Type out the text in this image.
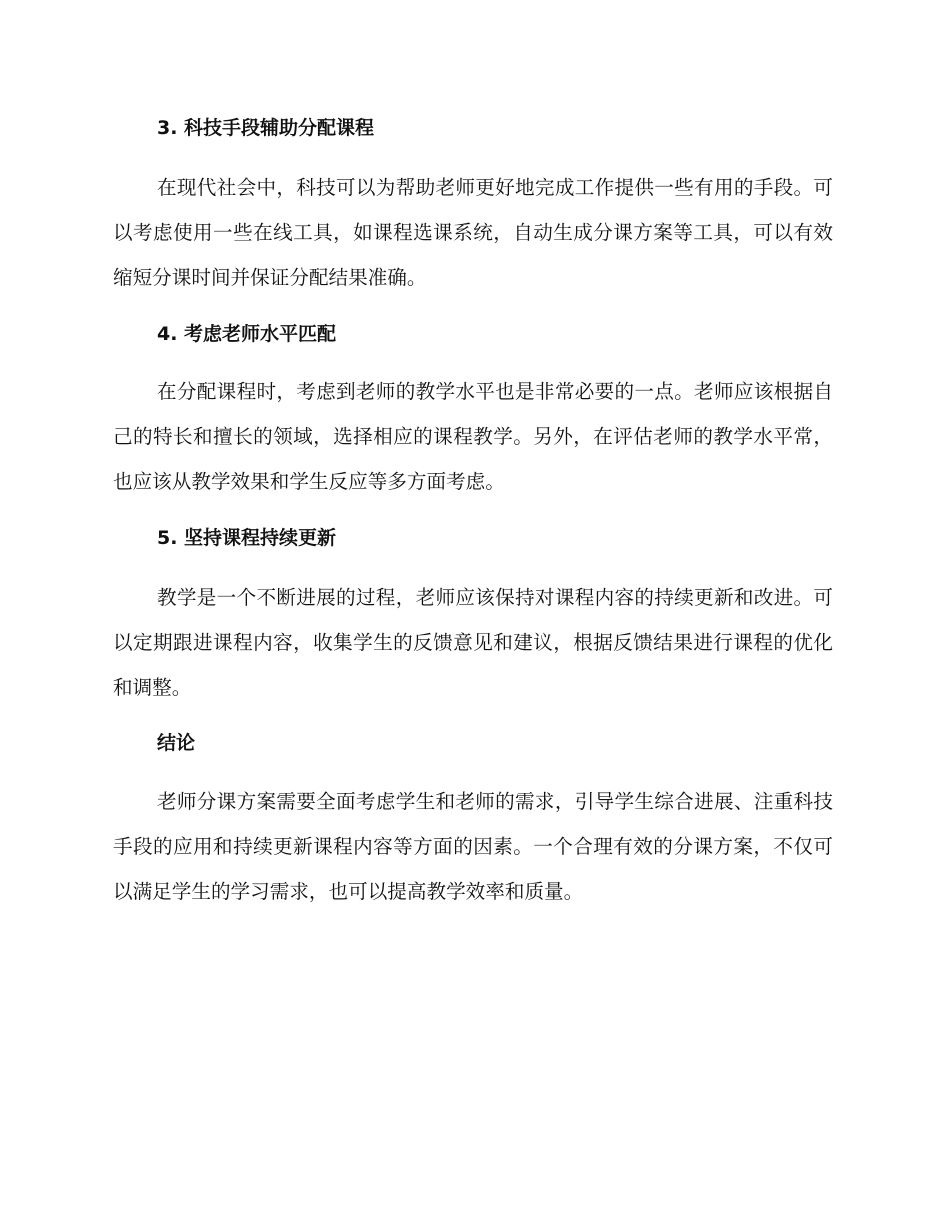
3. 科技手段辅助分配课程
在现代社会中，科技可以为帮助老师更好地完成工作提供一些有用的手段。可以考虑使用一些在线工具，如课程选课系统，自动生成分课方案等工具，可以有效缩短分课时间并保证分配结果准确。
4. 考虑老师水平匹配
在分配课程时，考虑到老师的教学水平也是非常必要的一点。老师应该根据自己的特长和擅长的领域，选择相应的课程教学。另外，在评估老师的教学水平常，也应该从教学效果和学生反应等多方面考虑。
5. 坚持课程持续更新
教学是一个不断进展的过程，老师应该保持对课程内容的持续更新和改进。可以定期跟进课程内容，收集学生的反馈意见和建议，根据反馈结果进行课程的优化和调整。
结论
老师分课方案需要全面考虑学生和老师的需求，引导学生综合进展、注重科技手段的应用和持续更新课程内容等方面的因素。一个合理有效的分课方案，不仅可以满足学生的学习需求，也可以提高教学效率和质量。
